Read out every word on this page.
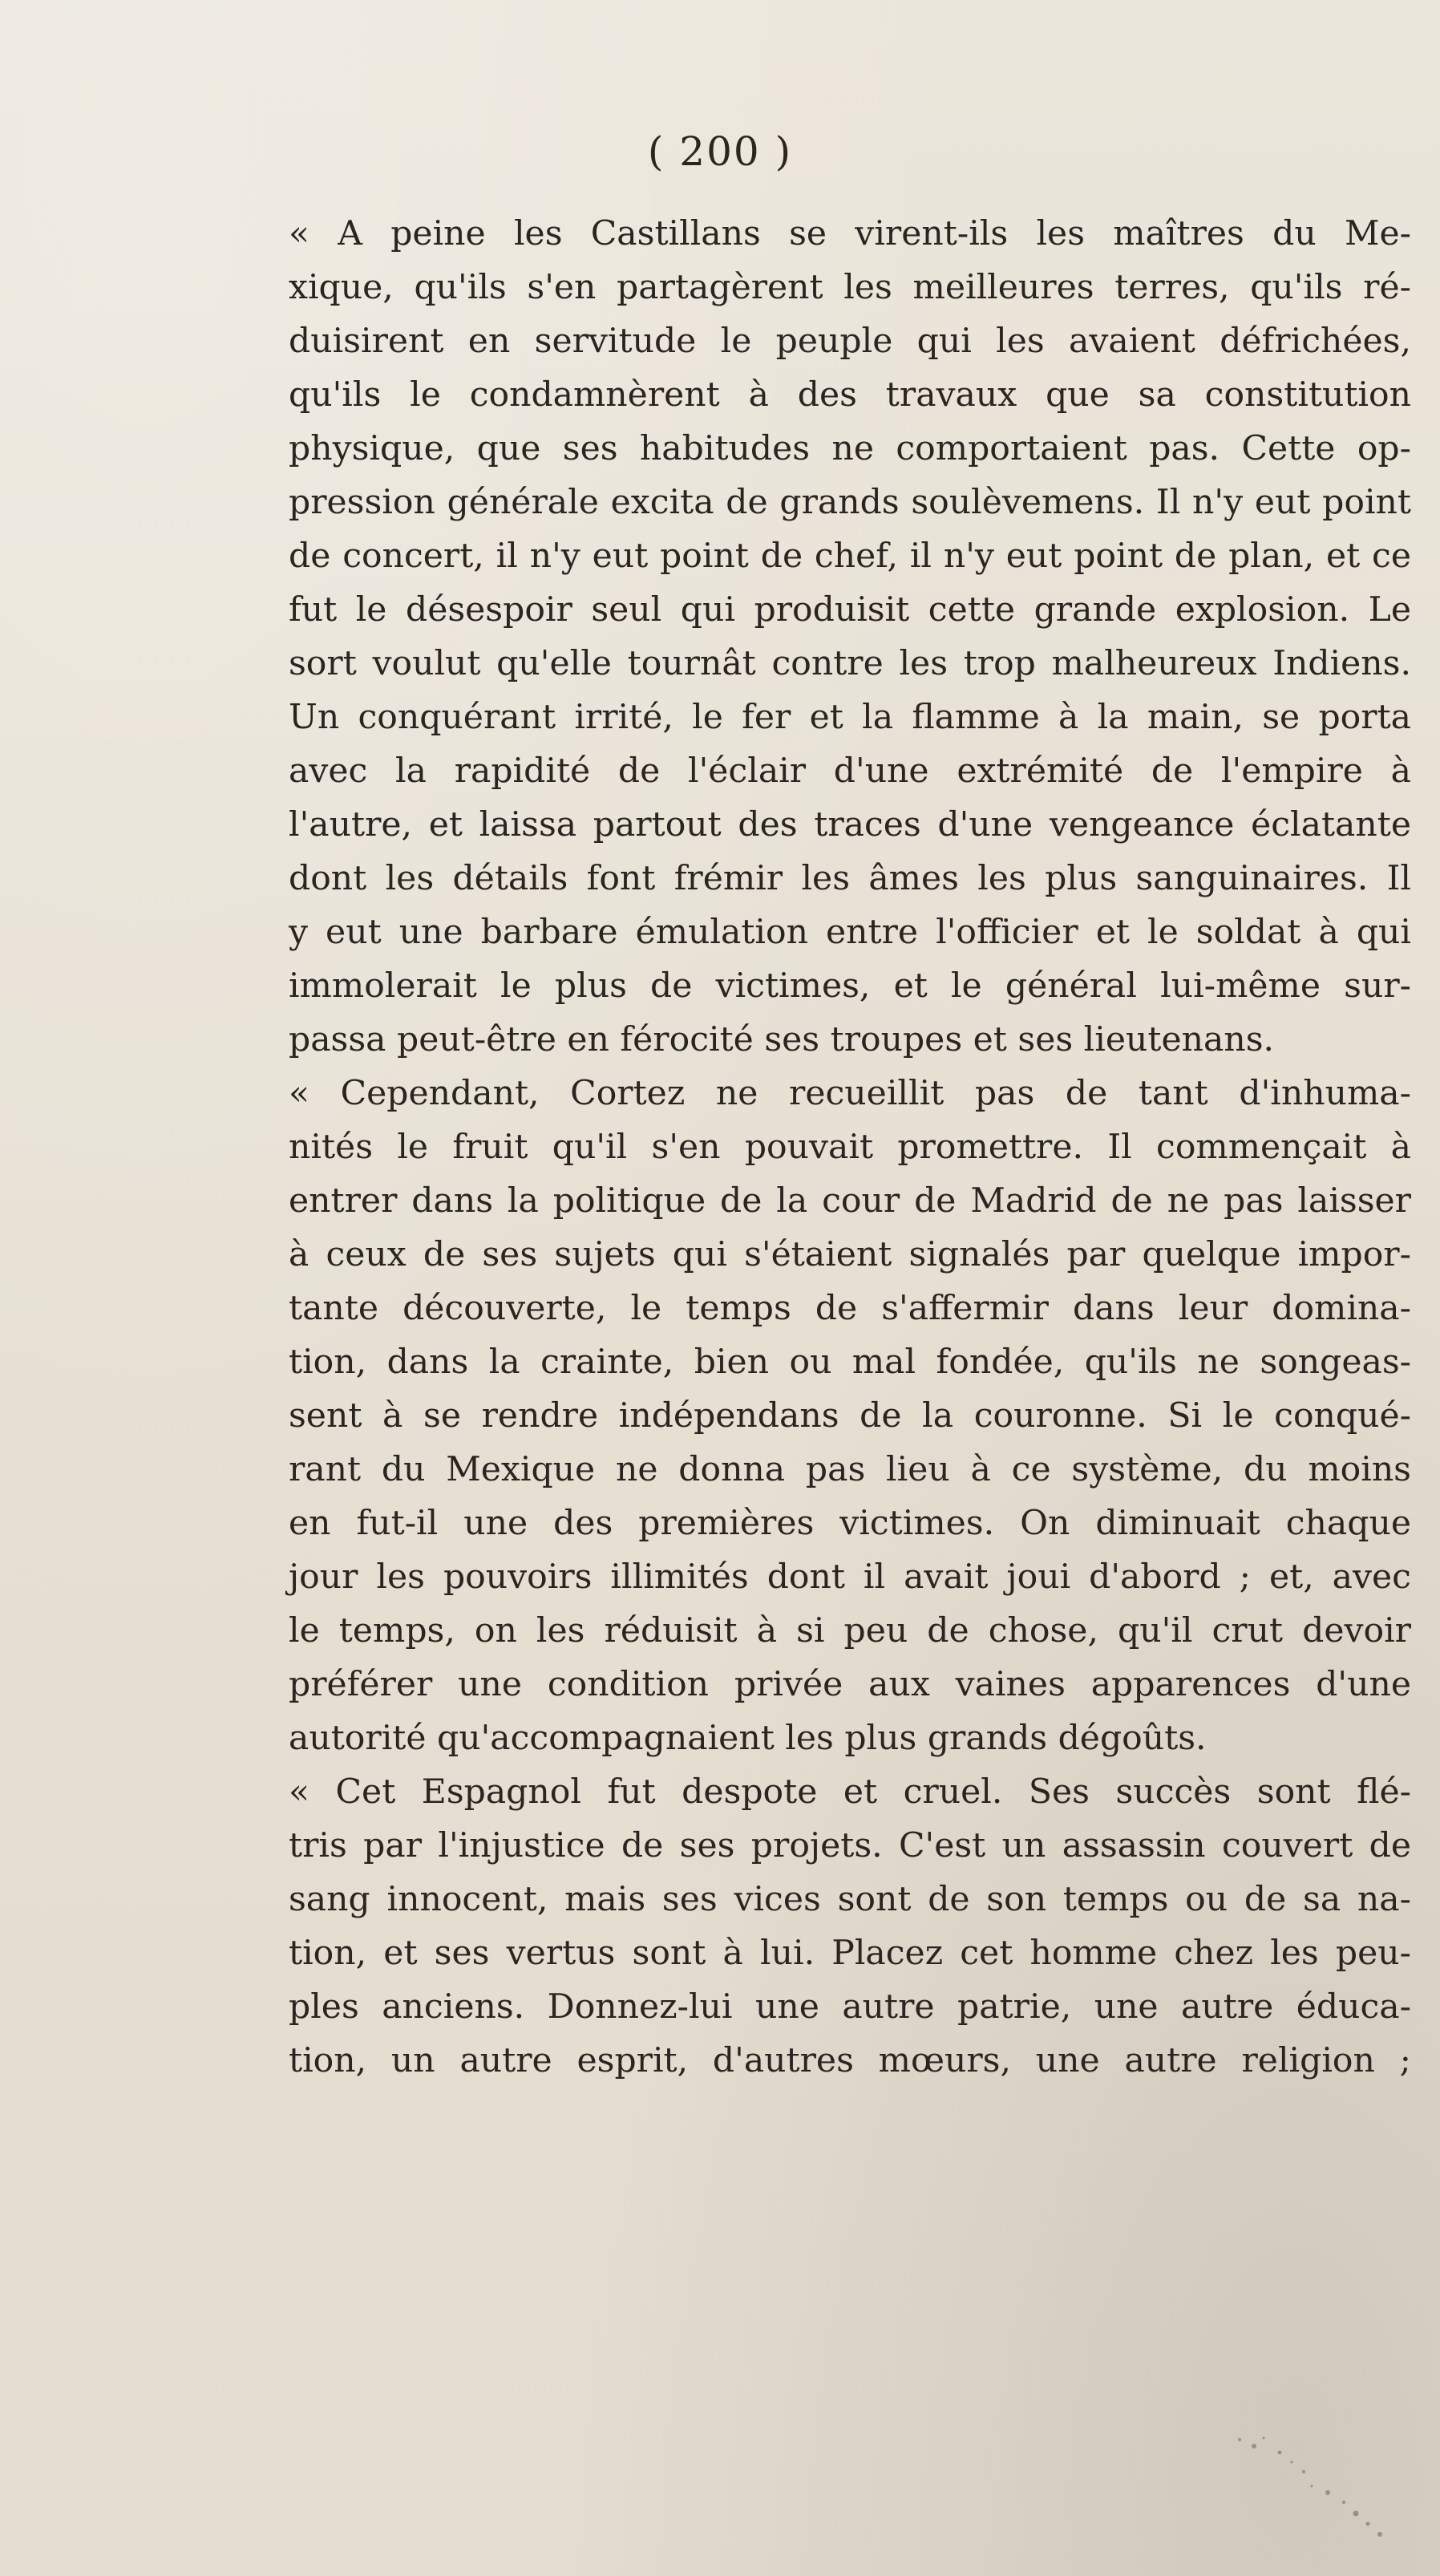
( 200 )
« A peine les Castillans se virent-ils les maîtres du Me-
xique, qu'ils s'en partagèrent les meilleures terres, qu'ils ré-
duisirent en servitude le peuple qui les avaient défrichées,
qu'ils le condamnèrent à des travaux que sa constitution
physique, que ses habitudes ne comportaient pas. Cette op-
pression générale excita de grands soulèvemens. Il n'y eut point
de concert, il n'y eut point de chef, il n'y eut point de plan, et ce
fut le désespoir seul qui produisit cette grande explosion. Le
sort voulut qu'elle tournât contre les trop malheureux Indiens.
Un conquérant irrité, le fer et la flamme à la main, se porta
avec la rapidité de l'éclair d'une extrémité de l'empire à
l'autre, et laissa partout des traces d'une vengeance éclatante
dont les détails font frémir les âmes les plus sanguinaires. Il
y eut une barbare émulation entre l'officier et le soldat à qui
immolerait le plus de victimes, et le général lui-même sur-
passa peut-être en férocité ses troupes et ses lieutenans.
« Cependant, Cortez ne recueillit pas de tant d'inhuma-
nités le fruit qu'il s'en pouvait promettre. Il commençait à
entrer dans la politique de la cour de Madrid de ne pas laisser
à ceux de ses sujets qui s'étaient signalés par quelque impor-
tante découverte, le temps de s'affermir dans leur domina-
tion, dans la crainte, bien ou mal fondée, qu'ils ne songeas-
sent à se rendre indépendans de la couronne. Si le conqué-
rant du Mexique ne donna pas lieu à ce système, du moins
en fut-il une des premières victimes. On diminuait chaque
jour les pouvoirs illimités dont il avait joui d'abord ; et, avec
le temps, on les réduisit à si peu de chose, qu'il crut devoir
préférer une condition privée aux vaines apparences d'une
autorité qu'accompagnaient les plus grands dégoûts.
« Cet Espagnol fut despote et cruel. Ses succès sont flé-
tris par l'injustice de ses projets. C'est un assassin couvert de
sang innocent, mais ses vices sont de son temps ou de sa na-
tion, et ses vertus sont à lui. Placez cet homme chez les peu-
ples anciens. Donnez-lui une autre patrie, une autre éduca-
tion, un autre esprit, d'autres mœurs, une autre religion ;
